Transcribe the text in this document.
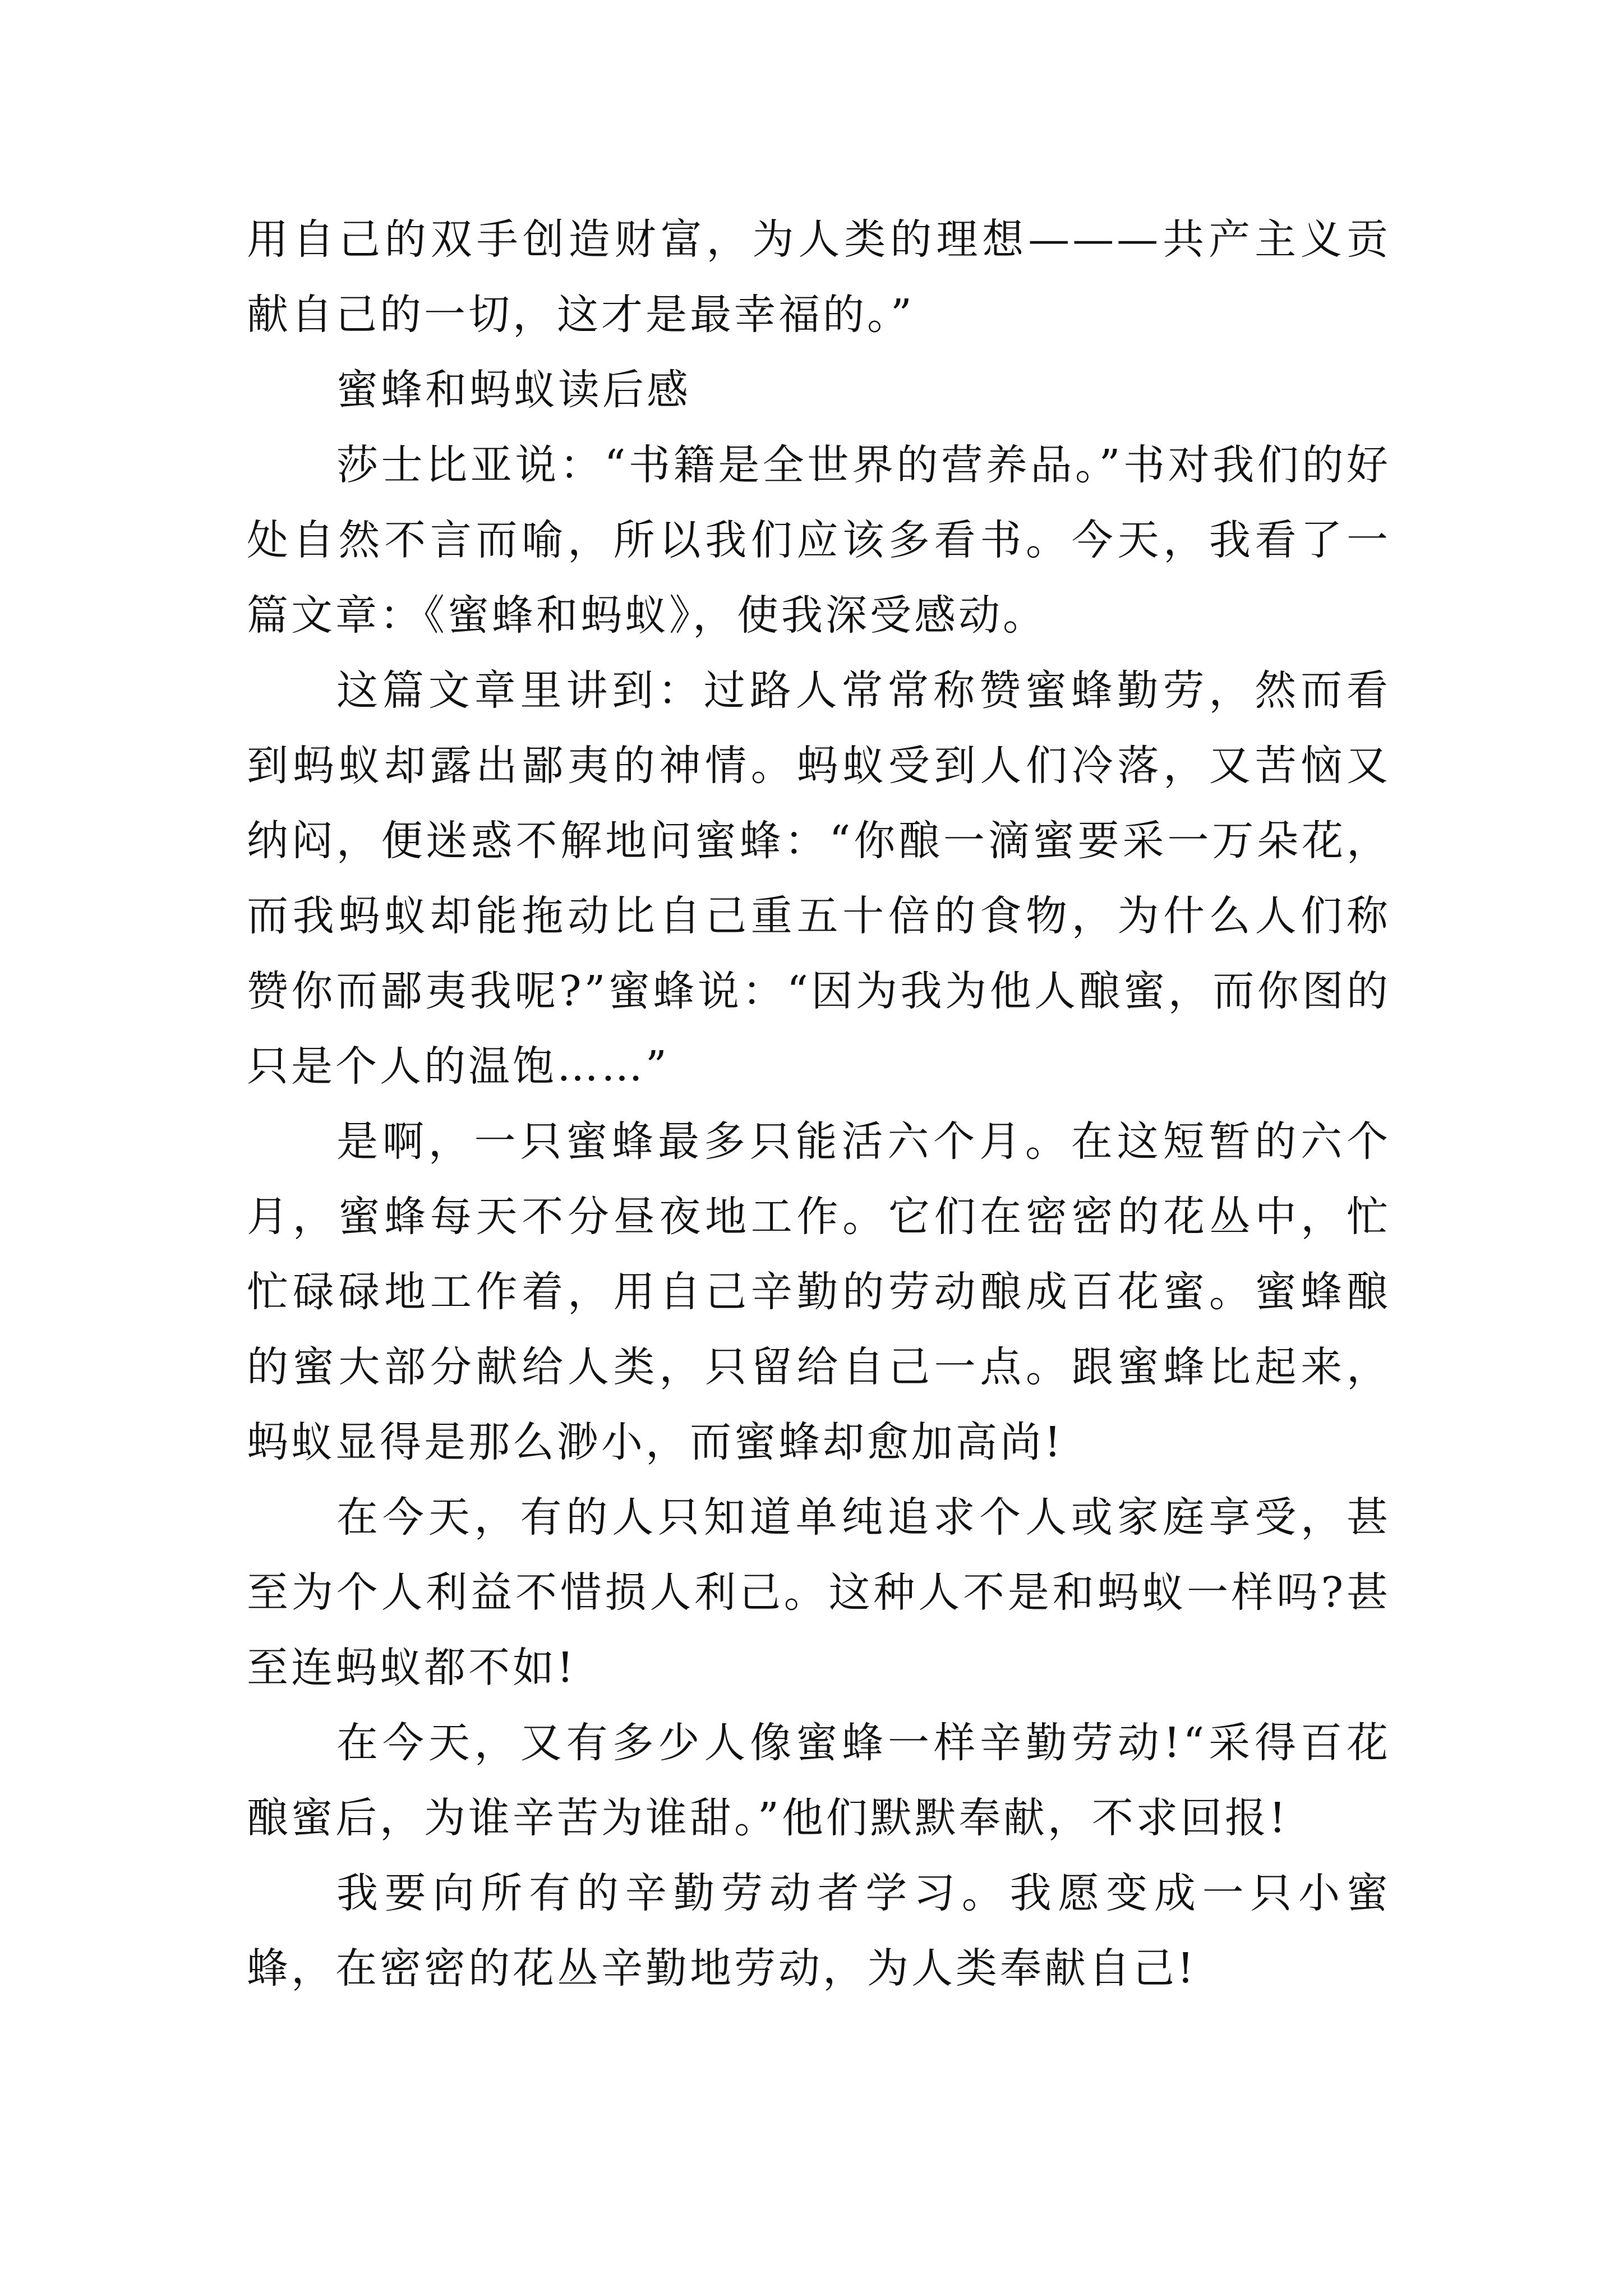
用自己的双手创造财富，为人类的理想———共产主义贡献自己的一切，这才是最幸福的。”

蜜蜂和蚂蚁读后感

莎士比亚说：“书籍是全世界的营养品。”书对我们的好处自然不言而喻，所以我们应该多看书。今天，我看了一篇文章：《蜜蜂和蚂蚁》，使我深受感动。

这篇文章里讲到：过路人常常称赞蜜蜂勤劳，然而看到蚂蚁却露出鄙夷的神情。蚂蚁受到人们冷落，又苦恼又纳闷，便迷惑不解地问蜜蜂：“你酿一滴蜜要采一万朵花，而我蚂蚁却能拖动比自己重五十倍的食物，为什么人们称赞你而鄙夷我呢?”蜜蜂说：“因为我为他人酿蜜，而你图的只是个人的温饱……”

是啊，一只蜜蜂最多只能活六个月。在这短暂的六个月，蜜蜂每天不分昼夜地工作。它们在密密的花丛中，忙忙碌碌地工作着，用自己辛勤的劳动酿成百花蜜。蜜蜂酿的蜜大部分献给人类，只留给自己一点。跟蜜蜂比起来，蚂蚁显得是那么渺小，而蜜蜂却愈加高尚!

在今天，有的人只知道单纯追求个人或家庭享受，甚至为个人利益不惜损人利己。这种人不是和蚂蚁一样吗?甚至连蚂蚁都不如!

在今天，又有多少人像蜜蜂一样辛勤劳动!“采得百花酿蜜后，为谁辛苦为谁甜。”他们默默奉献，不求回报!

我要向所有的辛勤劳动者学习。我愿变成一只小蜜蜂，在密密的花丛辛勤地劳动，为人类奉献自己!
